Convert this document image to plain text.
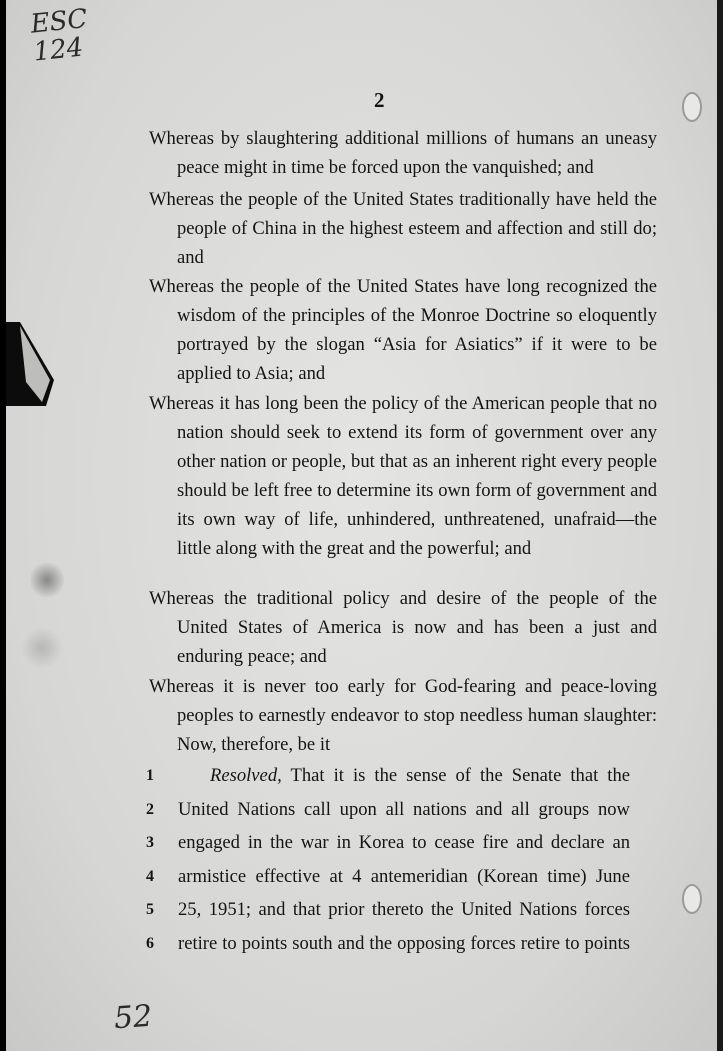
ESC
124
2
Whereas by slaughtering additional millions of humans an uneasy peace might in time be forced upon the vanquished; and
Whereas the people of the United States traditionally have held the people of China in the highest esteem and affection and still do; and
Whereas the people of the United States have long recognized the wisdom of the principles of the Monroe Doctrine so eloquently portrayed by the slogan “Asia for Asiatics” if it were to be applied to Asia; and
Whereas it has long been the policy of the American people that no nation should seek to extend its form of government over any other nation or people, but that as an inherent right every people should be left free to determine its own form of government and its own way of life, unhindered, unthreatened, unafraid—the little along with the great and the powerful; and
Whereas the traditional policy and desire of the people of the United States of America is now and has been a just and enduring peace; and
Whereas it is never too early for God-fearing and peace-loving peoples to earnestly endeavor to stop needless human slaughter: Now, therefore, be it
1	Resolved, That it is the sense of the Senate that the
2	United Nations call upon all nations and all groups now
3	engaged in the war in Korea to cease fire and declare an
4	armistice effective at 4 antemeridian (Korean time) June
5	25, 1951; and that prior thereto the United Nations forces
6	retire to points south and the opposing forces retire to points
52
